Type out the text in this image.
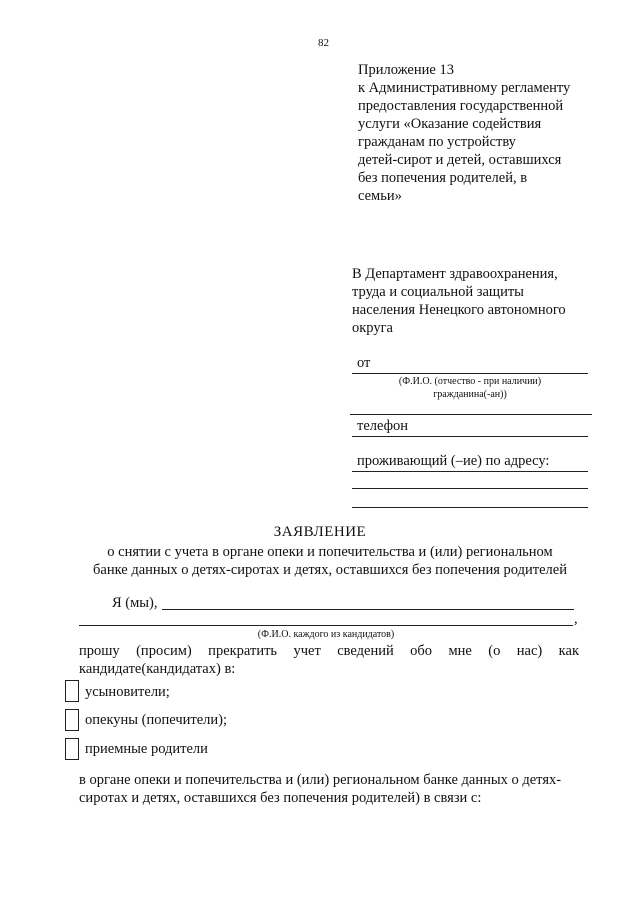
82
Приложение 13
к Административному регламенту
предоставления государственной
услуги «Оказание содействия
гражданам по устройству
детей-сирот и детей, оставшихся
без попечения родителей, в
семьи»
В Департамент здравоохранения,
труда и социальной защиты
населения Ненецкого автономного
округа
от
(Ф.И.О. (отчество - при наличии)
гражданина(-ан))
телефон
проживающий (–ие) по адресу:
ЗАЯВЛЕНИЕ
о снятии с учета в органе опеки и попечительства и (или) региональном
банке данных о детях-сиротах и детях, оставшихся без попечения родителей
Я (мы),
,
(Ф.И.О. каждого из кандидатов)
прошу (просим) прекратить учет сведений обо мне (о нас) как
кандидате(кандидатах) в:
усыновители;
опекуны (попечители);
приемные родители
в органе опеки и попечительства и (или) региональном банке данных о детях-
сиротах и детях, оставшихся без попечения родителей) в связи с:
